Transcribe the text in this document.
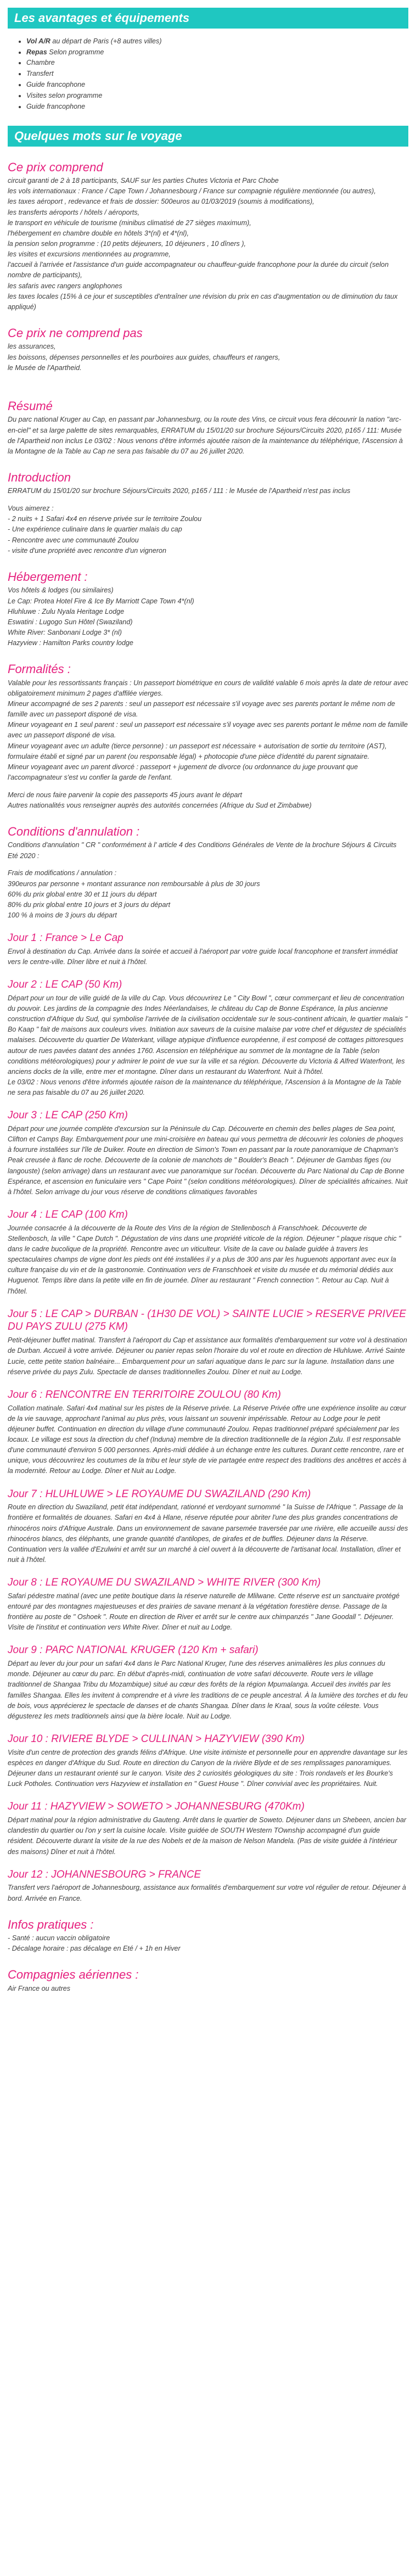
Les avantages et équipements
• Vol A/R au départ de Paris (+8 autres villes)
• Repas Selon programme
• Chambre
• Transfert
• Guide francophone
• Visites selon programme
• Guide francophone
Quelques mots sur le voyage
Ce prix comprend
circuit garanti de 2 à 18 participants, SAUF sur les parties Chutes Victoria et Parc Chobe
les vols internationaux : France / Cape Town / Johannesbourg / France sur compagnie régulière mentionnée (ou autres),
les taxes aéroport , redevance et frais de dossier: 500euros au 01/03/2019 (soumis à modifications),
les transferts aéroports / hôtels / aéroports,
le transport en véhicule de tourisme (minibus climatisé de 27 sièges maximum),
l'hébergement en chambre double en hôtels 3*(nl) et 4*(nl),
la pension selon programme : (10 petits déjeuners, 10 déjeuners , 10 dîners ),
les visites et excursions mentionnées au programme,
l'accueil à l'arrivée et l'assistance d'un guide accompagnateur ou chauffeur-guide francophone pour la durée du circuit (selon nombre de participants),
les safaris avec rangers anglophones
les taxes locales (15% à ce jour et susceptibles d'entraîner une révision du prix en cas d'augmentation ou de diminution du taux appliqué)
Ce prix ne comprend pas
les assurances,
les boissons, dépenses personnelles et les pourboires aux guides, chauffeurs et rangers,
le Musée de l'Apartheid.
Résumé

Du parc national Kruger au Cap, en passant par Johannesburg, ou la route des Vins, ce circuit vous fera découvrir la nation "arc-en-ciel" et sa large palette de sites remarquables, ERRATUM du 15/01/20 sur brochure Séjours/Circuits 2020, p165 / 111: Musée de l'Apartheid non inclus Le 03/02 : Nous venons d'être informés ajoutée raison de la maintenance du téléphérique, l'Ascension à la Montagne de la Table au Cap ne sera pas faisable du 07 au 26 juillet 2020.

Introduction
ERRATUM du 15/01/20 sur brochure Séjours/Circuits 2020, p165 / 111 : le Musée de l'Apartheid n'est pas inclus
Vous aimerez :
- 2 nuits + 1 Safari 4x4 en réserve privée sur le territoire Zoulou
- Une expérience culinaire dans le quartier malais du cap
- Rencontre avec une communauté Zoulou
- visite d'une propriété avec rencontre d'un vigneron
Hébergement :
Vos hôtels & lodges (ou similaires)
Le Cap: Protea Hotel Fire & Ice By Marriott Cape Town 4*(nl)
Hluhluwe : Zulu Nyala Heritage Lodge
Eswatini : Lugogo Sun Hôtel (Swaziland)
White River: Sanbonani Lodge 3* (nl)
Hazyview : Hamilton Parks country lodge
Formalités :
Valable pour les ressortissants français : Un passeport biométrique en cours de validité valable 6 mois après la date de retour avec obligatoirement minimum 2 pages d'affilée vierges.
Mineur accompagné de ses 2 parents : seul un passeport est nécessaire s'il voyage avec ses parents portant le même nom de famille avec un passeport disponé de visa.
Mineur voyageant en 1 seul parent : seul un passeport est nécessaire s'il voyage avec ses parents portant le même nom de famille avec un passeport disponé de visa.
Mineur voyageant avec un adulte (tierce personne) : un passeport est nécessaire + autorisation de sortie du territoire (AST), formulaire établi et signé par un parent (ou responsable légal) + photocopie d'une pièce d'identité du parent signataire.
Mineur voyageant avec un parent divorcé : passeport + jugement de divorce (ou ordonnance du juge prouvant que l'accompagnateur s'est vu confier la garde de l'enfant.
Merci de nous faire parvenir la copie des passeports 45 jours avant le départ
Autres nationalités vous renseigner auprès des autorités concernées (Afrique du Sud et Zimbabwe)
Conditions d'annulation :
Conditions d'annulation " CR " conformément à l' article 4 des Conditions Générales de Vente de la brochure Séjours & Circuits Eté 2020 :
Frais de modifications / annulation :
390euros par personne + montant assurance non remboursable à plus de 30 jours
60% du prix global entre 30 et 11 jours du départ
80% du prix global entre 10 jours et 3 jours du départ
100 % à moins de 3 jours du départ
Jour 1 : France > Le Cap

Envol à destination du Cap. Arrivée dans la soirée et accueil à l'aéroport par votre guide local francophone et transfert immédiat vers le centre-ville. Dîner libre et nuit à l'hôtel.

Jour 2 : LE CAP (50 Km)

Départ pour un tour de ville guidé de la ville du Cap. Vous découvrirez Le " City Bowl ", cœur commerçant et lieu de concentration du pouvoir. Les jardins de la compagnie des Indes Néerlandaises, le château du Cap de Bonne Espérance, la plus ancienne construction d'Afrique du Sud, qui symbolise l'arrivée de la civilisation occidentale sur le sous-continent africain, le quartier malais " Bo Kaap " fait de maisons aux couleurs vives. Initiation aux saveurs de la cuisine malaise par votre chef et dégustez de spécialités malaises. Découverte du quartier De Waterkant, village atypique d'influence européenne, il est composé de cottages pittoresques autour de rues pavées datant des années 1760. Ascension en téléphérique au sommet de la montagne de la Table (selon conditions météorologiques) pour y admirer le point de vue sur la ville et sa région. Découverte du Victoria & Alfred Waterfront, les anciens docks de la ville, entre mer et montagne. Dîner dans un restaurant du Waterfront. Nuit à l'hôtel.
Le 03/02 : Nous venons d'être informés ajoutée raison de la maintenance du téléphérique, l'Ascension à la Montagne de la Table ne sera pas faisable du 07 au 26 juillet 2020.

Jour 3 : LE CAP (250 Km)

Départ pour une journée complète d'excursion sur la Péninsule du Cap. Découverte en chemin des belles plages de Sea point, Clifton et Camps Bay. Embarquement pour une mini-croisière en bateau qui vous permettra de découvrir les colonies de phoques à fourrure installées sur l'île de Duiker. Route en direction de Simon's Town en passant par la route panoramique de Chapman's Peak creusée à flanc de roche. Découverte de la colonie de manchots de " Boulder's Beach ". Déjeuner de Gambas figes (ou langouste) (selon arrivage) dans un restaurant avec vue panoramique sur l'océan. Découverte du Parc National du Cap de Bonne Espérance, et ascension en funiculaire vers " Cape Point " (selon conditions météorologiques). Dîner de spécialités africaines. Nuit à l'hôtel. Selon arrivage du jour vous réserve de conditions climatiques favorables

Jour 4 : LE CAP (100 Km)

Journée consacrée à la découverte de la Route des Vins de la région de Stellenbosch à Franschhoek. Découverte de Stellenbosch, la ville " Cape Dutch ". Dégustation de vins dans une propriété viticole de la région. Déjeuner " plaque risque chic " dans le cadre bucolique de la propriété. Rencontre avec un viticulteur. Visite de la cave ou balade guidée à travers les spectaculaires champs de vigne dont les pieds ont été installées il y a plus de 300 ans par les huguenots apportant avec eux la culture française du vin et de la gastronomie. Continuation vers de Franschhoek et visite du musée et du mémorial dédiés aux Huguenot. Temps libre dans la petite ville en fin de journée. Dîner au restaurant " French connection ". Retour au Cap. Nuit à l'hôtel.

Jour 5 : LE CAP > DURBAN - (1H30 DE VOL) > SAINTE LUCIE > RESERVE PRIVEE DU PAYS ZULU (275 KM)

Petit-déjeuner buffet matinal. Transfert à l'aéroport du Cap et assistance aux formalités d'embarquement sur votre vol à destination de Durban. Accueil à votre arrivée. Déjeuner ou panier repas selon l'horaire du vol et route en direction de Hluhluwe. Arrivé Sainte Lucie, cette petite station balnéaire... Embarquement pour un safari aquatique dans le parc sur la lagune. Installation dans une réserve privée du pays Zulu. Spectacle de danses traditionnelles Zoulou. Dîner et nuit au Lodge.

Jour 6 : RENCONTRE EN TERRITOIRE ZOULOU (80 Km)

Collation matinale. Safari 4x4 matinal sur les pistes de la Réserve privée. La Réserve Privée offre une expérience insolite au cœur de la vie sauvage, approchant l'animal au plus près, vous laissant un souvenir impérissable. Retour au Lodge pour le petit déjeuner buffet. Continuation en direction du village d'une communauté Zoulou. Repas traditionnel préparé spécialement par les locaux. Le village est sous la direction du chef (Induna) membre de la direction traditionnelle de la région Zulu. Il est responsable d'une communauté d'environ 5 000 personnes. Après-midi dédiée à un échange entre les cultures. Durant cette rencontre, rare et unique, vous découvrirez les coutumes de la tribu et leur style de vie partagée entre respect des traditions des ancêtres et accès à la modernité. Retour au Lodge. Dîner et Nuit au Lodge.

Jour 7 : HLUHLUWE > LE ROYAUME DU SWAZILAND (290 Km)

Route en direction du Swaziland, petit état indépendant, rationné et verdoyant surnommé " la Suisse de l'Afrique ". Passage de la frontière et formalités de douanes. Safari en 4x4 à Hlane, réserve réputée pour abriter l'une des plus grandes concentrations de rhinocéros noirs d'Afrique Australe. Dans un environnement de savane parsemée traversée par une rivière, elle accueille aussi des rhinocéros blancs, des éléphants, une grande quantité d'antilopes, de girafes et de buffles. Déjeuner dans la Réserve. Continuation vers la vallée d'Ezulwini et arrêt sur un marché à ciel ouvert à la découverte de l'artisanat local. Installation, dîner et nuit à l'hôtel.

Jour 8 : LE ROYAUME DU SWAZILAND > WHITE RIVER (300 Km)

Safari pédestre matinal (avec une petite boutique dans la réserve naturelle de Mlilwane. Cette réserve est un sanctuaire protégé entouré par des montagnes majestueuses et des prairies de savane menant à la végétation forestière dense. Passage de la frontière au poste de " Oshoek ". Route en direction de River et arrêt sur le centre aux chimpanzés " Jane Goodall ". Déjeuner. Visite de l'institut et continuation vers White River. Dîner et nuit au Lodge.

Jour 9 : PARC NATIONAL KRUGER (120 Km + safari)

Départ au lever du jour pour un safari 4x4 dans le Parc National Kruger, l'une des réserves animalières les plus connues du monde. Déjeuner au cœur du parc. En début d'après-midi, continuation de votre safari découverte. Route vers le village traditionnel de Shangaa Tribu du Mozambique) situé au cœur des forêts de la région Mpumalanga. Accueil des invités par les familles Shangaa. Elles les invitent à comprendre et à vivre les traditions de ce peuple ancestral. À la lumière des torches et du feu de bois, vous apprécierez le spectacle de danses et de chants Shangaa. Dîner dans le Kraal, sous la voûte céleste. Vous dégusterez les mets traditionnels ainsi que la bière locale. Nuit au Lodge.

Jour 10 : RIVIERE BLYDE > CULLINAN > HAZYVIEW (390 Km)

Visite d'un centre de protection des grands félins d'Afrique. Une visite intimiste et personnelle pour en apprendre davantage sur les espèces en danger d'Afrique du Sud. Route en direction du Canyon de la rivière Blyde et de ses remplissages panoramiques. Déjeuner dans un restaurant orienté sur le canyon. Visite des 2 curiosités géologiques du site : Trois rondavels et les Bourke's Luck Potholes. Continuation vers Hazyview et installation en " Guest House ". Dîner convivial avec les propriétaires. Nuit.

Jour 11 : HAZYVIEW > SOWETO > JOHANNESBURG (470Km)

Départ matinal pour la région administrative du Gauteng. Arrêt dans le quartier de Soweto. Déjeuner dans un Shebeen, ancien bar clandestin du quartier ou l'on y sert la cuisine locale. Visite guidée de SOUTH Western TOwnship accompagné d'un guide résident. Découverte durant la visite de la rue des Nobels et de la maison de Nelson Mandela. (Pas de visite guidée à l'intérieur des maisons) Dîner et nuit à l'hôtel.

Jour 12 : JOHANNESBOURG > FRANCE

Transfert vers l'aéroport de Johannesbourg, assistance aux formalités d'embarquement sur votre vol régulier de retour. Déjeuner à bord. Arrivée en France.

Infos pratiques :
- Santé : aucun vaccin obligatoire
- Décalage horaire : pas décalage en Eté / + 1h en Hiver
Compagnies aériennes :
Air France ou autres
